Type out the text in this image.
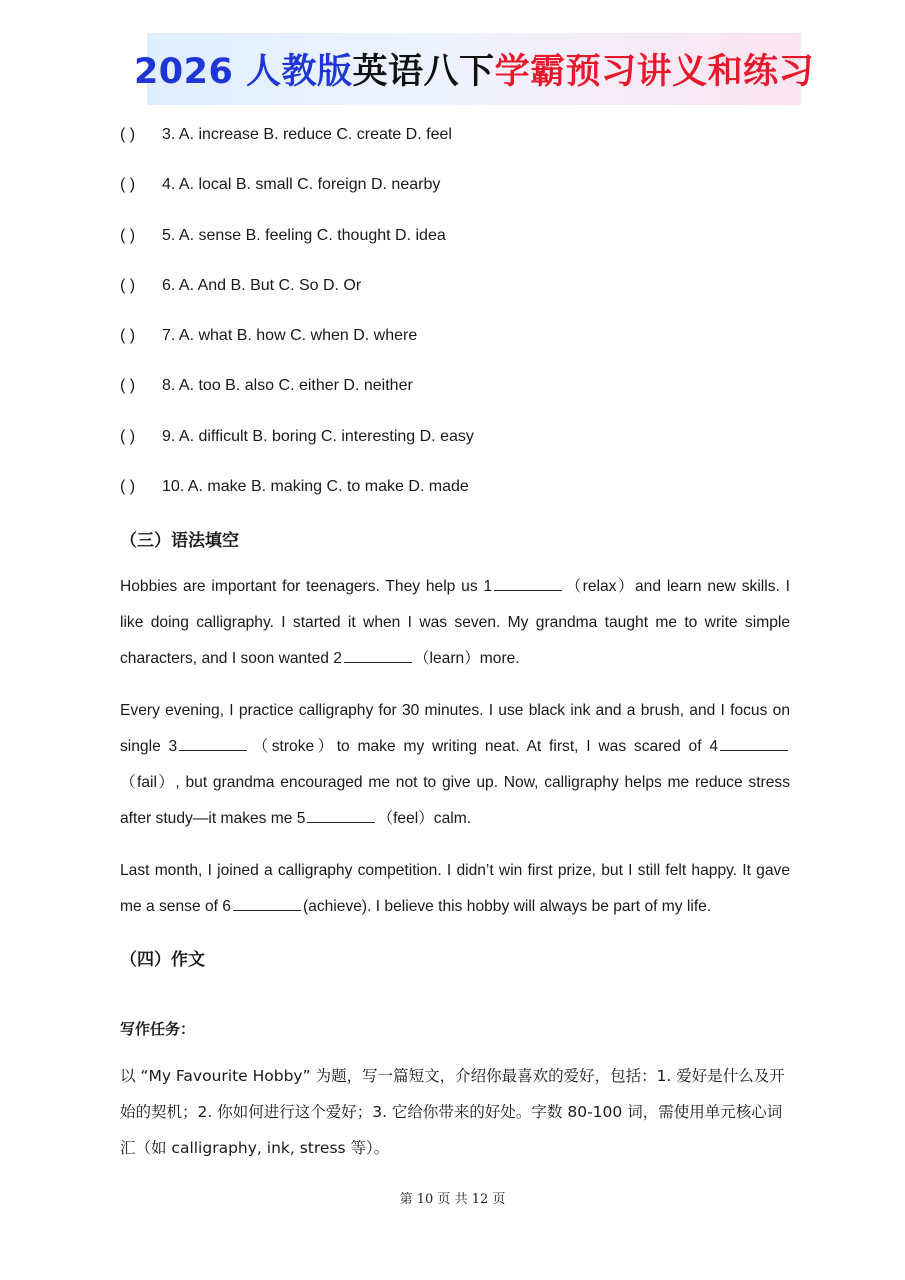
2026 人教版 英语八下 学霸预习讲义和练习
( ) 3. A. increase B. reduce C. create D. feel
( ) 4. A. local B. small C. foreign D. nearby
( ) 5. A. sense B. feeling C. thought D. idea
( ) 6. A. And B. But C. So D. Or
( ) 7. A. what B. how C. when D. where
( ) 8. A. too B. also C. either D. neither
( ) 9. A. difficult B. boring C. interesting D. easy
( ) 10. A. make B. making C. to make D. made
（三）语法填空
Hobbies are important for teenagers. They help us 1	（relax）and learn new skills. I like doing calligraphy. I started it when I was seven. My grandma taught me to write simple characters, and I soon wanted 2	（learn）more.
Every evening, I practice calligraphy for 30 minutes. I use black ink and a brush, and I focus on single 3	（stroke）to make my writing neat. At first, I was scared of 4（fail）, but grandma encouraged me not to give up. Now, calligraphy helps me reduce stress after study—it makes me 5	（feel）calm.
Last month, I joined a calligraphy competition. I didn’t win first prize, but I still felt happy. It gave me a sense of 6	(achieve). I believe this hobby will always be part of my life.
（四）作文
写作任务：
以 “My Favourite Hobby” 为题，写一篇短文，介绍你最喜欢的爱好，包括：1. 爱好是什么及开始的契机；2. 你如何进行这个爱好；3. 它给你带来的好处。字数 80-100 词，需使用单元核心词汇（如 calligraphy, ink, stress 等）。
第 10 页 共 12 页
